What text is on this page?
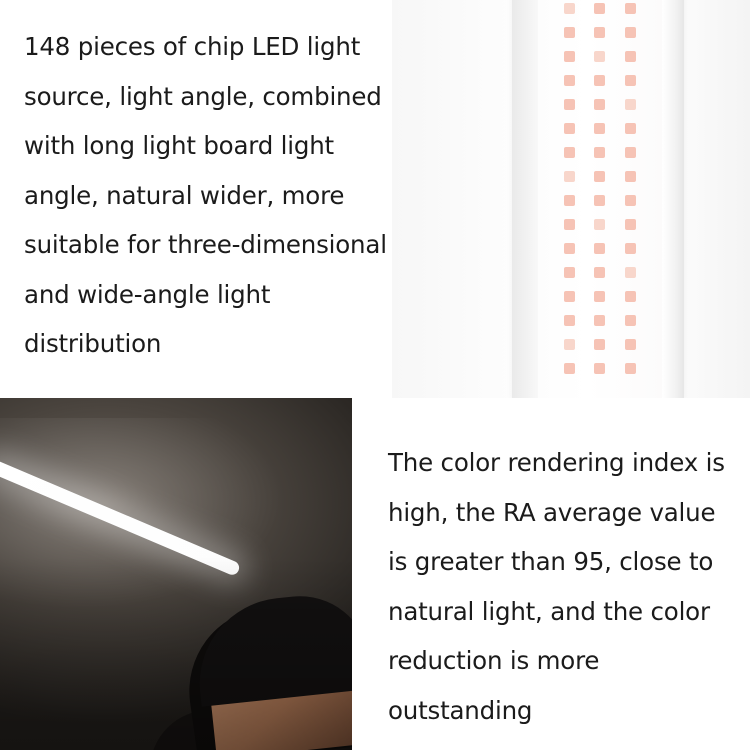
148 pieces of chip LED light source, light angle, combined with long light board light angle, natural wider, more suitable for three-dimensional and wide-angle light distribution
The color rendering index is high, the RA average value is greater than 95, close to natural light, and the color reduction is more outstanding
